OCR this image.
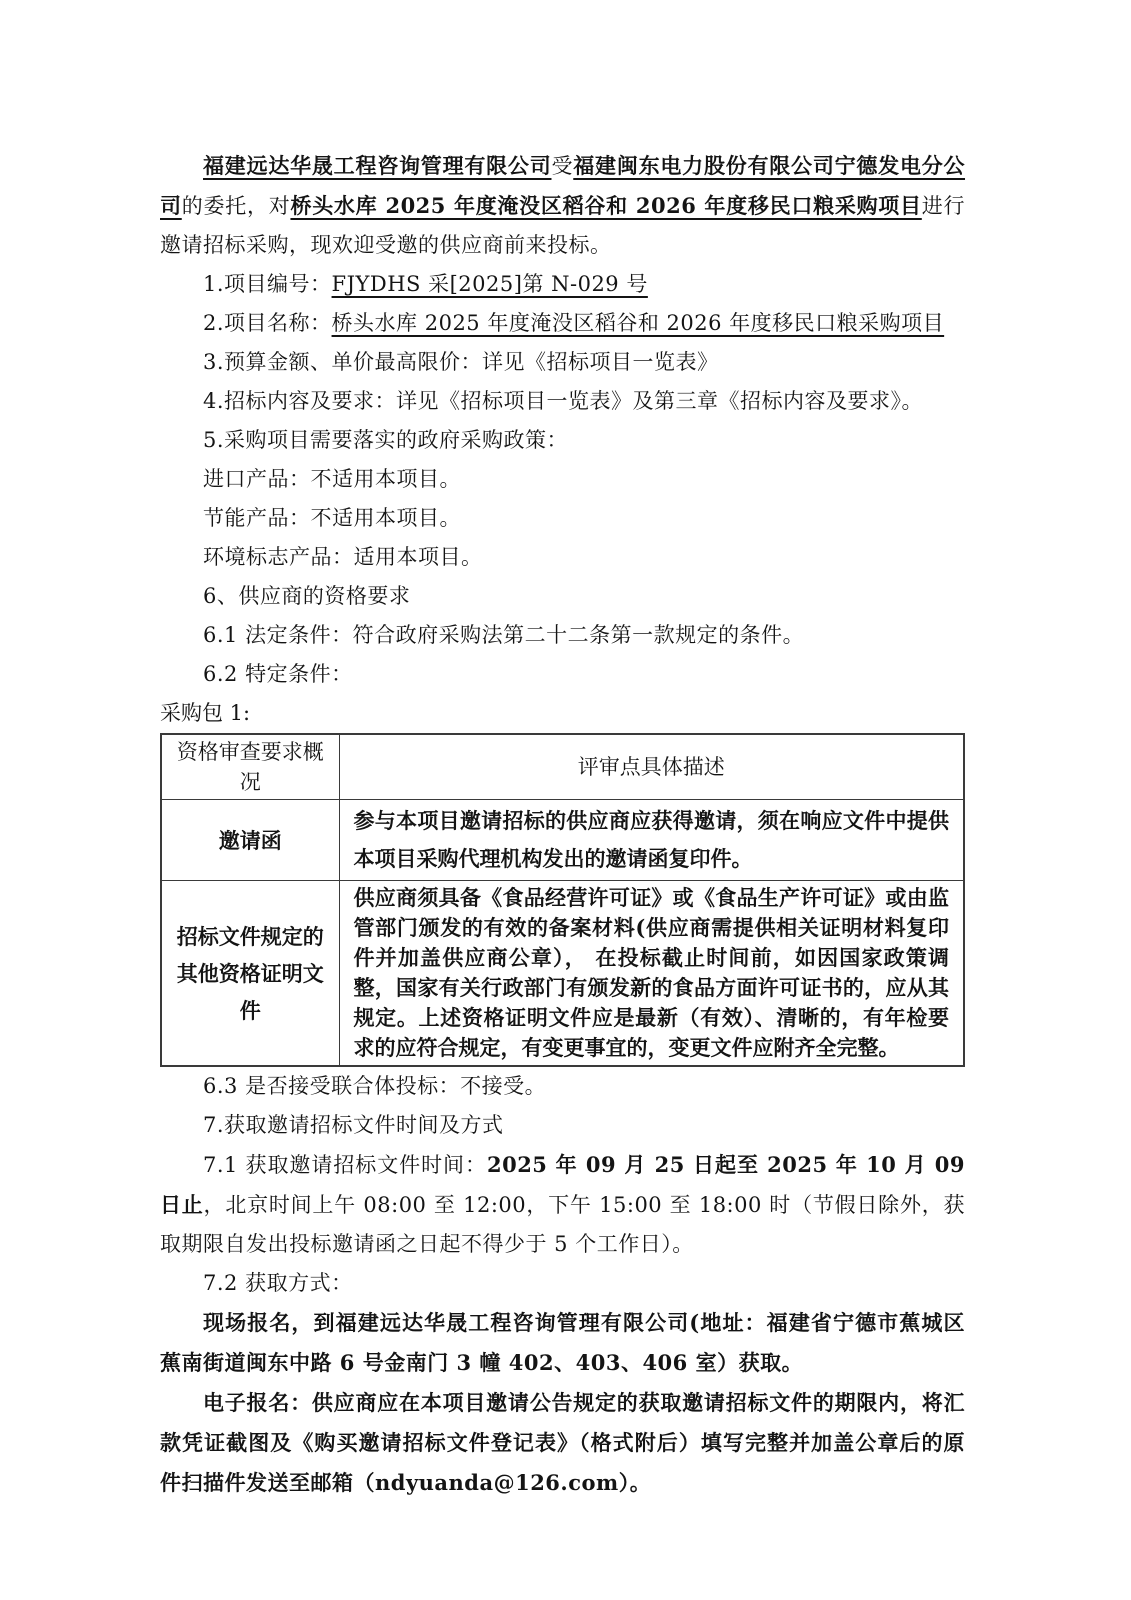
福建远达华晟工程咨询管理有限公司受福建闽东电力股份有限公司宁德发电分公司的委托，对桥头水库 2025 年度淹没区稻谷和 2026 年度移民口粮采购项目进行邀请招标采购，现欢迎受邀的供应商前来投标。

1.项目编号：FJYDHS 采[2025]第 N-029 号

2.项目名称：桥头水库 2025 年度淹没区稻谷和 2026 年度移民口粮采购项目

3.预算金额、单价最高限价：详见《招标项目一览表》

4.招标内容及要求：详见《招标项目一览表》及第三章《招标内容及要求》。

5.采购项目需要落实的政府采购政策：

进口产品：不适用本项目。

节能产品：不适用本项目。

环境标志产品：适用本项目。

6、供应商的资格要求

6.1 法定条件：符合政府采购法第二十二条第一款规定的条件。

6.2 特定条件：

采购包 1:

资格审查要求概况	评审点具体描述
邀请函	参与本项目邀请招标的供应商应获得邀请，须在响应文件中提供本项目采购代理机构发出的邀请函复印件。
招标文件规定的其他资格证明文件	供应商须具备《食品经营许可证》或《食品生产许可证》或由监管部门颁发的有效的备案材料(供应商需提供相关证明材料复印件并加盖供应商公章）， 在投标截止时间前，如因国家政策调整，国家有关行政部门有颁发新的食品方面许可证书的，应从其规定。上述资格证明文件应是最新（有效）、清晰的，有年检要求的应符合规定，有变更事宜的，变更文件应附齐全完整。

6.3 是否接受联合体投标：不接受。

7.获取邀请招标文件时间及方式

7.1 获取邀请招标文件时间：2025 年 09 月 25 日起至 2025 年 10 月 09 日止，北京时间上午 08:00 至 12:00，下午 15:00 至 18:00 时（节假日除外，获取期限自发出投标邀请函之日起不得少于 5 个工作日）。

7.2 获取方式：

现场报名，到福建远达华晟工程咨询管理有限公司(地址：福建省宁德市蕉城区蕉南街道闽东中路 6 号金南门 3 幢 402、403、406 室）获取。

电子报名：供应商应在本项目邀请公告规定的获取邀请招标文件的期限内，将汇款凭证截图及《购买邀请招标文件登记表》（格式附后）填写完整并加盖公章后的原件扫描件发送至邮箱（ndyuanda@126.com）。
